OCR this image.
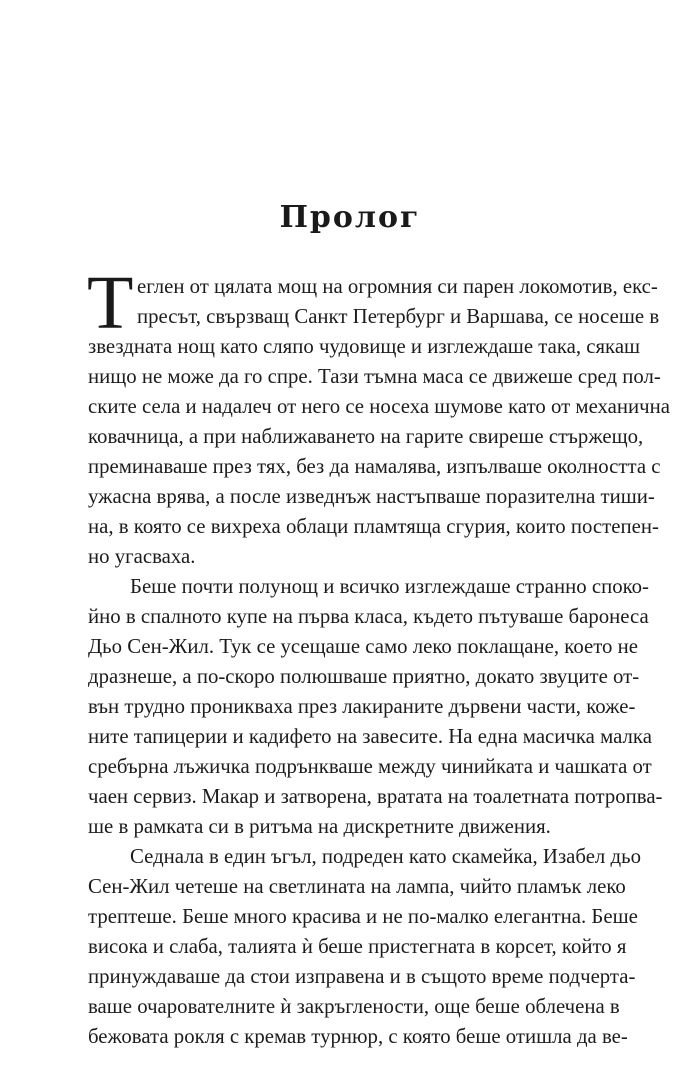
Пролог
Т еглен от цялата мощ на огромния си парен локомотив, екс-
пресът, свързващ Санкт Петербург и Варшава, се носеше в
звездната нощ като сляпо чудовище и изглеждаше така, сякаш
нищо не може да го спре. Тази тъмна маса се движеше сред пол-
ските села и надалеч от него се носеха шумове като от механична
ковачница, а при наближаването на гарите свиреше стържещо,
преминаваше през тях, без да намалява, изпълваше околността с
ужасна врява, а после изведнъж настъпваше поразителна тиши-
на, в която се вихреха облаци пламтяща сгурия, които постепен-
но угасваха.
Беше почти полунощ и всичко изглеждаше странно споко-
йно в спалното купе на първа класа, където пътуваше баронеса
Дьо Сен-Жил. Тук се усещаше само леко поклащане, което не
дразнеше, а по-скоро полюшваше приятно, докато звуците от-
вън трудно проникваха през лакираните дървени части, коже-
ните тапицерии и кадифето на завесите. На една масичка малка
сребърна лъжичка подрънкваше между чинийката и чашката от
чаен сервиз. Макар и затворена, вратата на тоалетната потропва-
ше в рамката си в ритъма на дискретните движения.
Седнала в един ъгъл, подреден като скамейка, Изабел дьо
Сен-Жил четеше на светлината на лампа, чийто пламък леко
трептеше. Беше много красива и не по-малко елегантна. Беше
висока и слаба, талията ѝ беше пристегната в корсет, който я
принуждаваше да стои изправена и в същото време подчерта-
ваше очарователните ѝ закръглености, още беше облечена в
бежовата рокля с кремав турнюр, с която беше отишла да ве-
